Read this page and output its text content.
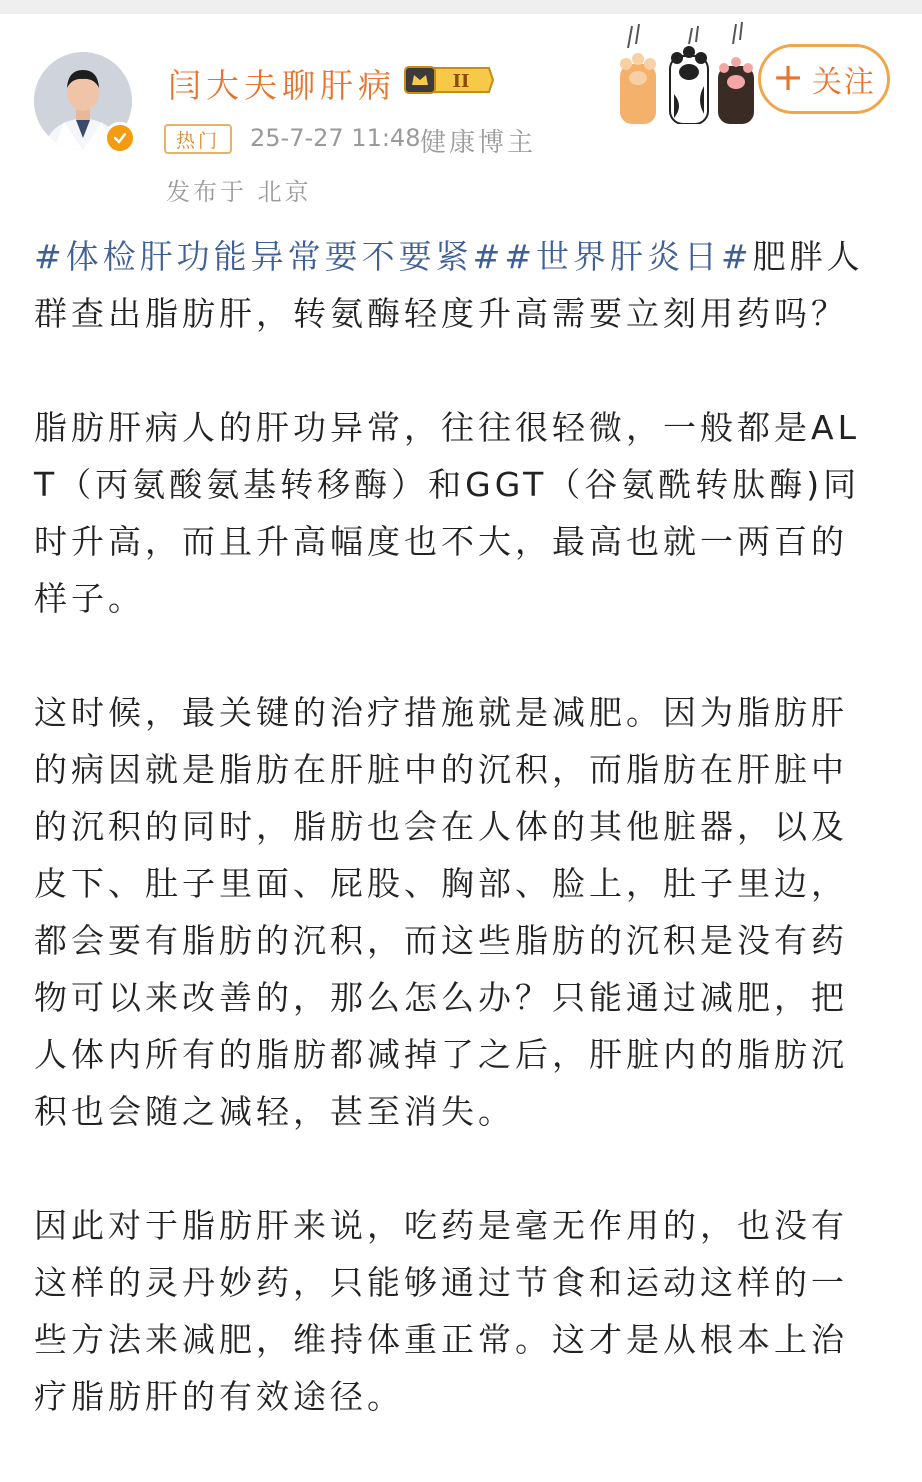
闫大夫聊肝病	II
热门	25-7-27 11:48 健康博主
发布于 北京
+ 关注

#体检肝功能异常要不要紧##世界肝炎日#肥胖人群查出脂肪肝，转氨酶轻度升高需要立刻用药吗？

脂肪肝病人的肝功异常，往往很轻微，一般都是ALT（丙氨酸氨基转移酶）和GGT（谷氨酰转肽酶)同时升高，而且升高幅度也不大，最高也就一两百的样子。

这时候，最关键的治疗措施就是减肥。因为脂肪肝的病因就是脂肪在肝脏中的沉积，而脂肪在肝脏中的沉积的同时，脂肪也会在人体的其他脏器，以及皮下、肚子里面、屁股、胸部、脸上，肚子里边，都会要有脂肪的沉积，而这些脂肪的沉积是没有药物可以来改善的，那么怎么办？只能通过减肥，把人体内所有的脂肪都减掉了之后，肝脏内的脂肪沉积也会随之减轻，甚至消失。

因此对于脂肪肝来说，吃药是毫无作用的，也没有这样的灵丹妙药，只能够通过节食和运动这样的一些方法来减肥，维持体重正常。这才是从根本上治疗脂肪肝的有效途径。
